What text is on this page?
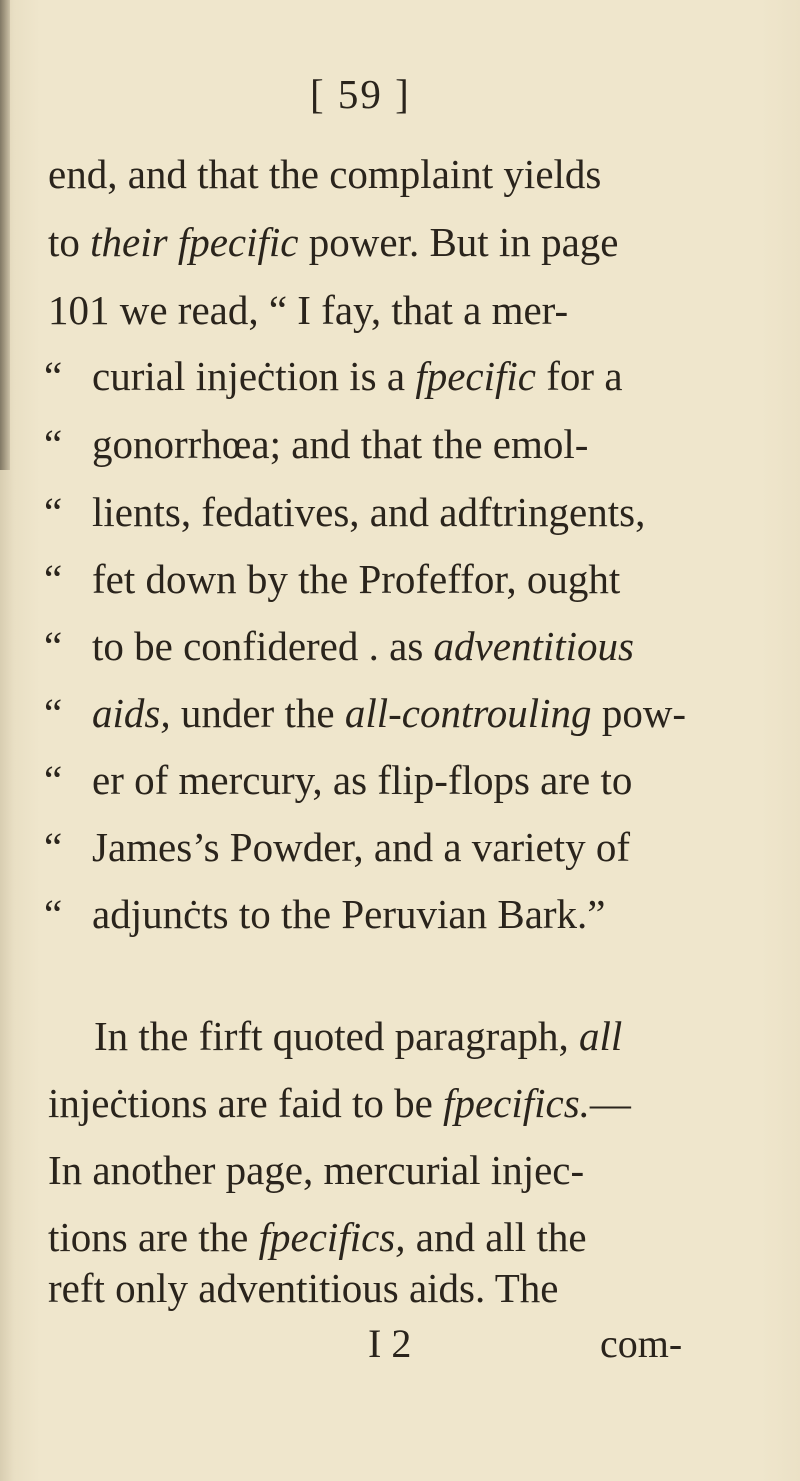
[ 59 ]
end, and that the complaint yields
to their fpecific power. But in page
101 we read, “ I fay, that a mer-
“ curial injeċtion is a fpecific for a
“ gonorrhœa; and that the emol-
“ lients, fedatives, and adftringents,
“ fet down by the Profeffor, ought
“ to be confidered . as adventitious
“ aids, under the all-controuling pow-
“ er of mercury, as flip-flops are to
“ James’s Powder, and a variety of
“ adjunċts to the Peruvian Bark.”
In the firft quoted paragraph, all
injeċtions are faid to be fpecifics.—
In another page, mercurial injec-
tions are the fpecifics, and all the
reft only adventitious aids. The
I 2	com-
